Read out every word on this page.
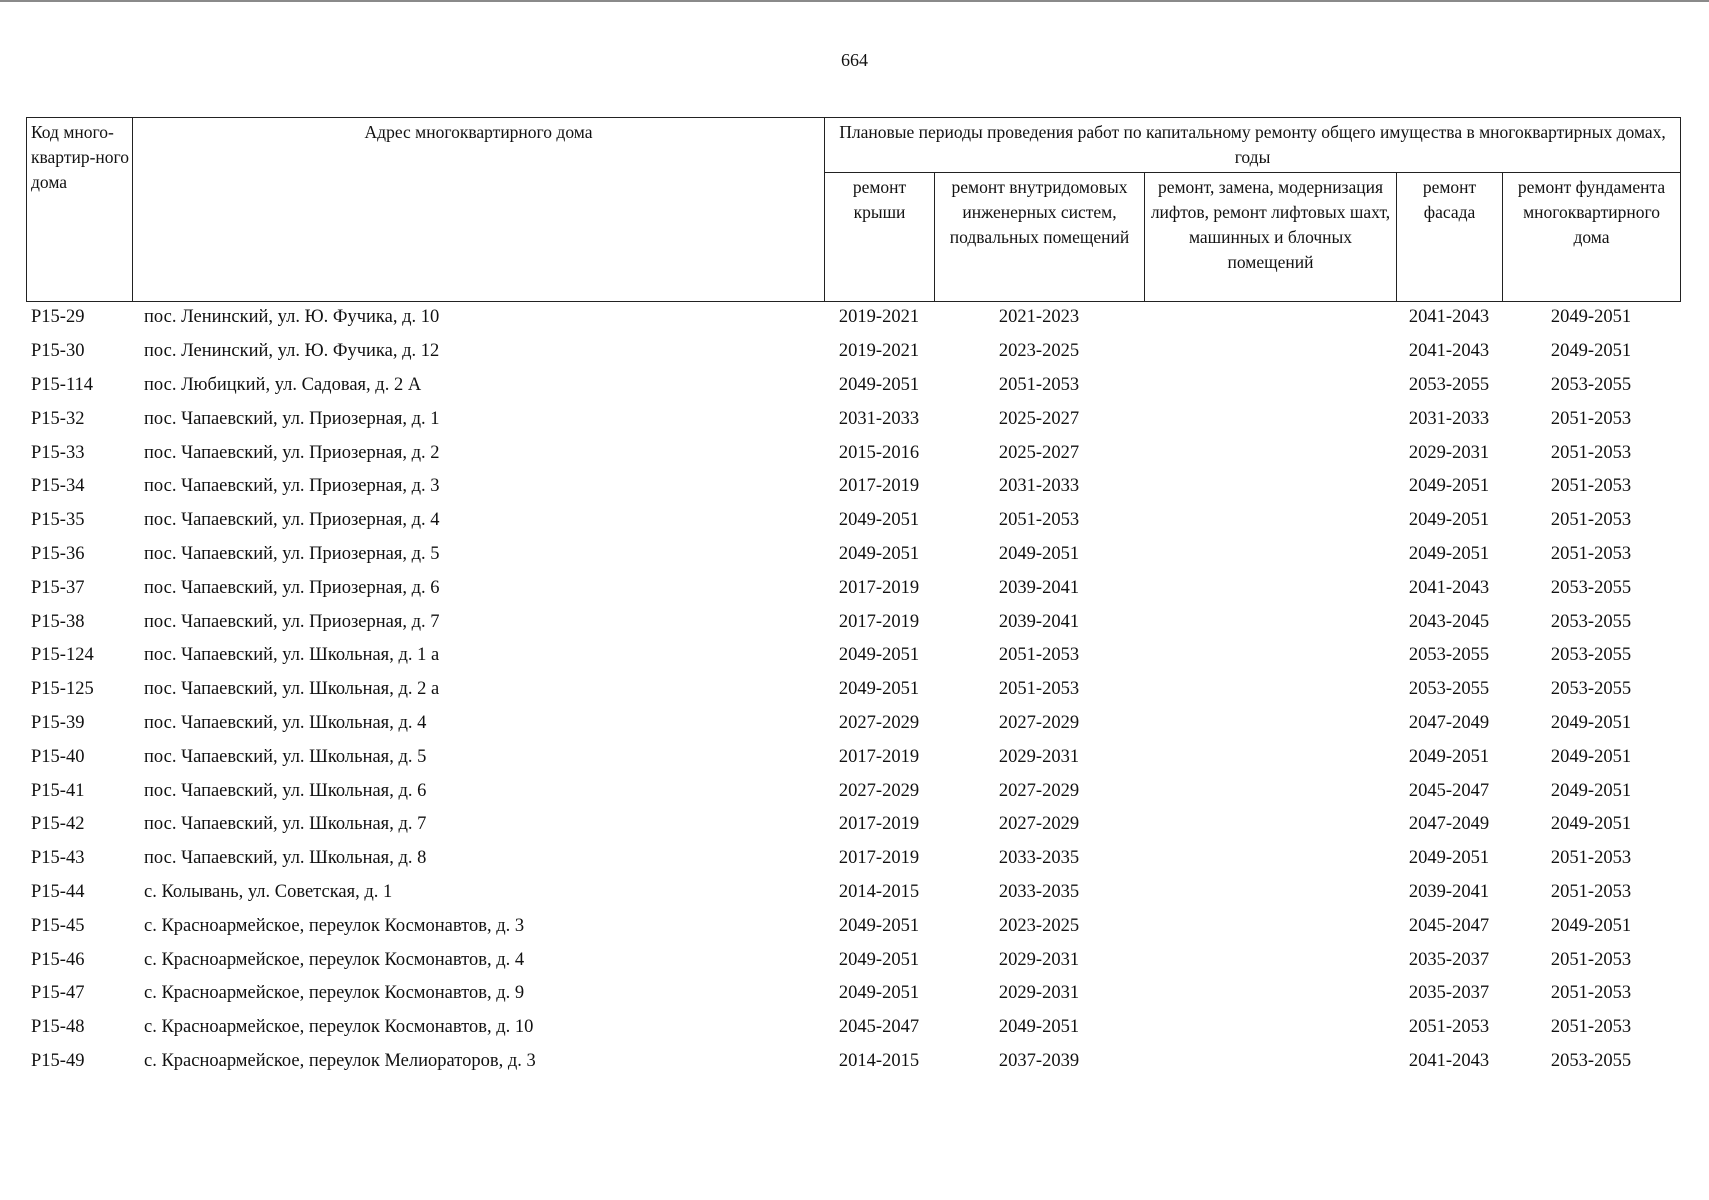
664
Код много-квартир-ного дома	Адрес многоквартирного дома	Плановые периоды проведения работ по капитальному ремонту общего имущества в многоквартирных домах, годы				
		ремонт крыши	ремонт внутридомовых инженерных систем, подвальных помещений	ремонт, замена, модернизация лифтов, ремонт лифтовых шахт, машинных и блочных помещений	ремонт фасада	ремонт фундамента многоквартирного дома
P15-29	пос. Ленинский, ул. Ю. Фучика, д. 10	2019-2021	2021-2023		2041-2043	2049-2051
P15-30	пос. Ленинский, ул. Ю. Фучика, д. 12	2019-2021	2023-2025		2041-2043	2049-2051
P15-114	пос. Любицкий, ул. Садовая, д. 2 А	2049-2051	2051-2053		2053-2055	2053-2055
P15-32	пос. Чапаевский, ул. Приозерная, д. 1	2031-2033	2025-2027		2031-2033	2051-2053
P15-33	пос. Чапаевский, ул. Приозерная, д. 2	2015-2016	2025-2027		2029-2031	2051-2053
P15-34	пос. Чапаевский, ул. Приозерная, д. 3	2017-2019	2031-2033		2049-2051	2051-2053
P15-35	пос. Чапаевский, ул. Приозерная, д. 4	2049-2051	2051-2053		2049-2051	2051-2053
P15-36	пос. Чапаевский, ул. Приозерная, д. 5	2049-2051	2049-2051		2049-2051	2051-2053
P15-37	пос. Чапаевский, ул. Приозерная, д. 6	2017-2019	2039-2041		2041-2043	2053-2055
P15-38	пос. Чапаевский, ул. Приозерная, д. 7	2017-2019	2039-2041		2043-2045	2053-2055
P15-124	пос. Чапаевский, ул. Школьная, д. 1 а	2049-2051	2051-2053		2053-2055	2053-2055
P15-125	пос. Чапаевский, ул. Школьная, д. 2 а	2049-2051	2051-2053		2053-2055	2053-2055
P15-39	пос. Чапаевский, ул. Школьная, д. 4	2027-2029	2027-2029		2047-2049	2049-2051
P15-40	пос. Чапаевский, ул. Школьная, д. 5	2017-2019	2029-2031		2049-2051	2049-2051
P15-41	пос. Чапаевский, ул. Школьная, д. 6	2027-2029	2027-2029		2045-2047	2049-2051
P15-42	пос. Чапаевский, ул. Школьная, д. 7	2017-2019	2027-2029		2047-2049	2049-2051
P15-43	пос. Чапаевский, ул. Школьная, д. 8	2017-2019	2033-2035		2049-2051	2051-2053
P15-44	с. Колывань, ул. Советская, д. 1	2014-2015	2033-2035		2039-2041	2051-2053
P15-45	с. Красноармейское, переулок Космонавтов, д. 3	2049-2051	2023-2025		2045-2047	2049-2051
P15-46	с. Красноармейское, переулок Космонавтов, д. 4	2049-2051	2029-2031		2035-2037	2051-2053
P15-47	с. Красноармейское, переулок Космонавтов, д. 9	2049-2051	2029-2031		2035-2037	2051-2053
P15-48	с. Красноармейское, переулок Космонавтов, д. 10	2045-2047	2049-2051		2051-2053	2051-2053
P15-49	с. Красноармейское, переулок Мелиораторов, д. 3	2014-2015	2037-2039		2041-2043	2053-2055
